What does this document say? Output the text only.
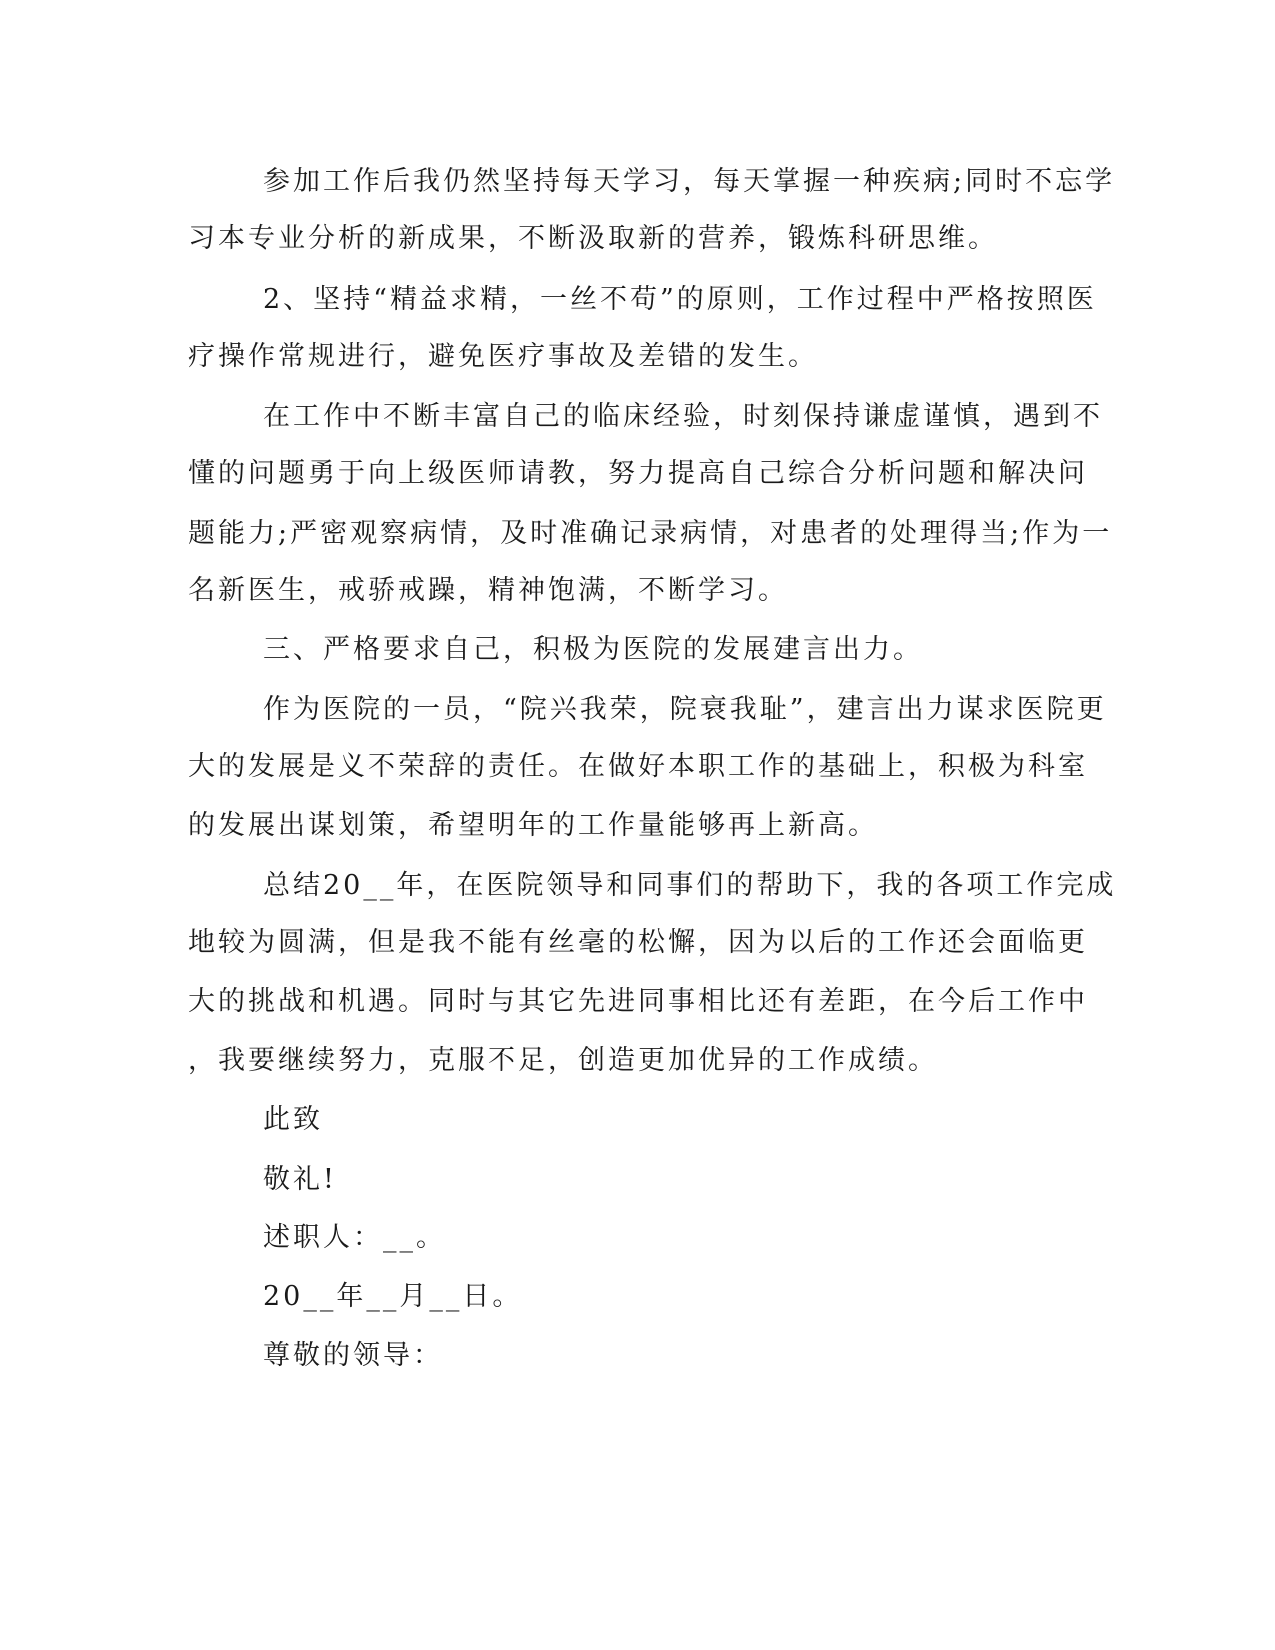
参加工作后我仍然坚持每天学习，每天掌握一种疾病;同时不忘学
习本专业分析的新成果，不断汲取新的营养，锻炼科研思维。
2、坚持“精益求精，一丝不苟”的原则，工作过程中严格按照医
疗操作常规进行，避免医疗事故及差错的发生。
在工作中不断丰富自己的临床经验，时刻保持谦虚谨慎，遇到不
懂的问题勇于向上级医师请教，努力提高自己综合分析问题和解决问
题能力;严密观察病情，及时准确记录病情，对患者的处理得当;作为一
名新医生，戒骄戒躁，精神饱满，不断学习。
三、严格要求自己，积极为医院的发展建言出力。
作为医院的一员，“院兴我荣，院衰我耻”，建言出力谋求医院更
大的发展是义不荣辞的责任。在做好本职工作的基础上，积极为科室
的发展出谋划策，希望明年的工作量能够再上新高。
总结20__年，在医院领导和同事们的帮助下，我的各项工作完成
地较为圆满，但是我不能有丝毫的松懈，因为以后的工作还会面临更
大的挑战和机遇。同时与其它先进同事相比还有差距，在今后工作中
，我要继续努力，克服不足，创造更加优异的工作成绩。
此致
敬礼!
述职人：__。
20__年__月__日。
尊敬的领导：
